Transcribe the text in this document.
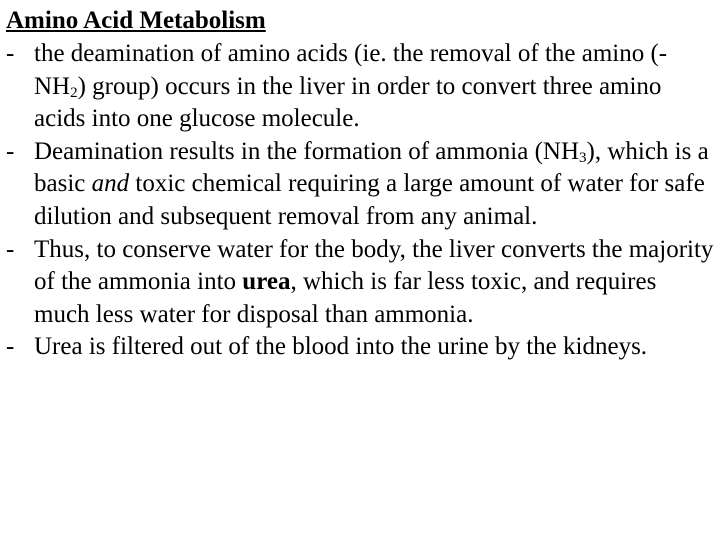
Amino Acid Metabolism
- the deamination of amino acids (ie. the removal of the amino $(-NH_2)$ group) occurs in the liver in order to convert three amino acids into one glucose molecule.
- Deamination results in the formation of ammonia $(NH_3)$, which is a basic and toxic chemical requiring a large amount of water for safe dilution and subsequent removal from any animal.
- Thus, to conserve water for the body, the liver converts the majority of the ammonia into urea, which is far less toxic, and requires much less water for disposal than ammonia.
- Urea is filtered out of the blood into the urine by the kidneys.
